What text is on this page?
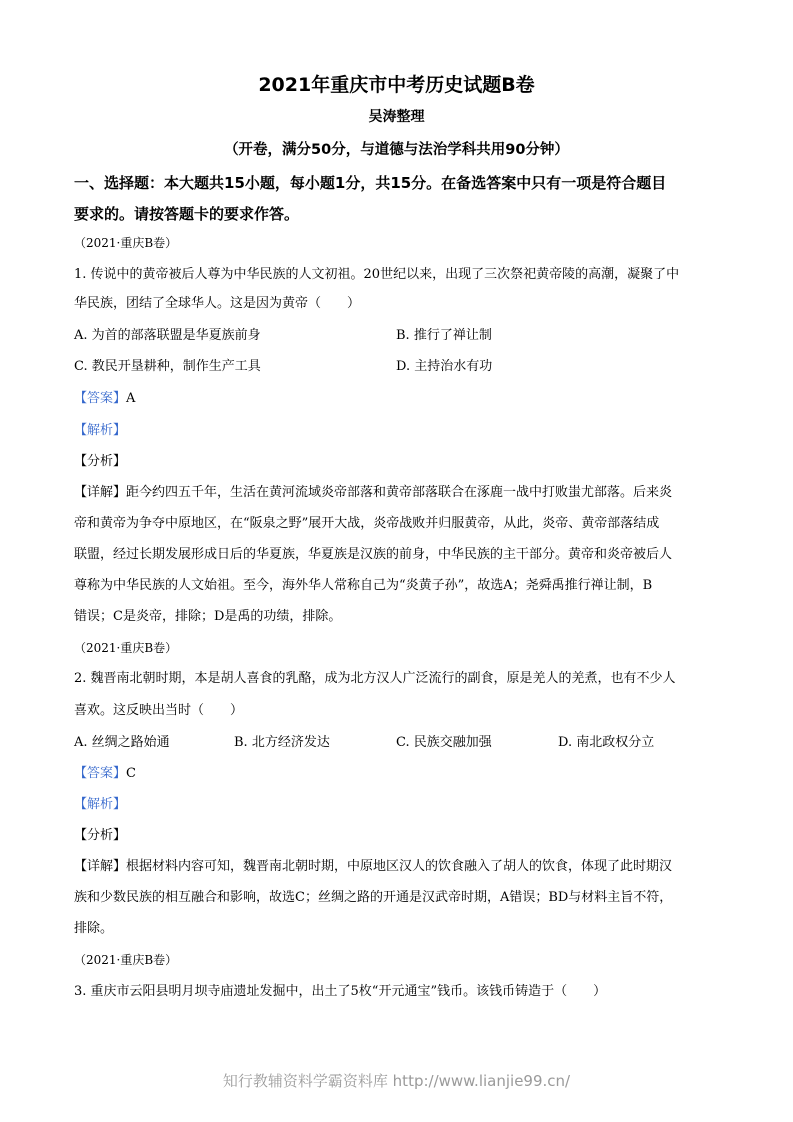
2021年重庆市中考历史试题B卷
吴涛整理
（开卷，满分50分，与道德与法治学科共用90分钟）
一、选择题：本大题共15小题，每小题1分，共15分。在备选答案中只有一项是符合题目
要求的。请按答题卡的要求作答。
（2021·重庆B卷）
1. 传说中的黄帝被后人尊为中华民族的人文初祖。20世纪以来，出现了三次祭祀黄帝陵的高潮，凝聚了中
华民族，团结了全球华人。这是因为黄帝（　　）
A. 为首的部落联盟是华夏族前身	B. 推行了禅让制
C. 教民开垦耕种，制作生产工具	D. 主持治水有功
【答案】A
【解析】
【分析】
【详解】距今约四五千年，生活在黄河流域炎帝部落和黄帝部落联合在涿鹿一战中打败蚩尤部落。后来炎
帝和黄帝为争夺中原地区，在“阪泉之野”展开大战，炎帝战败并归服黄帝，从此，炎帝、黄帝部落结成
联盟，经过长期发展形成日后的华夏族，华夏族是汉族的前身，中华民族的主干部分。黄帝和炎帝被后人
尊称为中华民族的人文始祖。至今，海外华人常称自己为“炎黄子孙”，故选A；尧舜禹推行禅让制，B
错误；C是炎帝，排除；D是禹的功绩，排除。
（2021·重庆B卷）
2. 魏晋南北朝时期，本是胡人喜食的乳酪，成为北方汉人广泛流行的副食，原是羌人的羌煮，也有不少人
喜欢。这反映出当时（　　）
A. 丝绸之路始通	B. 北方经济发达	C. 民族交融加强	D. 南北政权分立
【答案】C
【解析】
【分析】
【详解】根据材料内容可知，魏晋南北朝时期，中原地区汉人的饮食融入了胡人的饮食，体现了此时期汉
族和少数民族的相互融合和影响，故选C；丝绸之路的开通是汉武帝时期，A错误；BD与材料主旨不符，
排除。
（2021·重庆B卷）
3. 重庆市云阳县明月坝寺庙遗址发掘中，出土了5枚“开元通宝”钱币。该钱币铸造于（　　）
知行教辅资料学霸资料库 http://www.lianjie99.cn/
